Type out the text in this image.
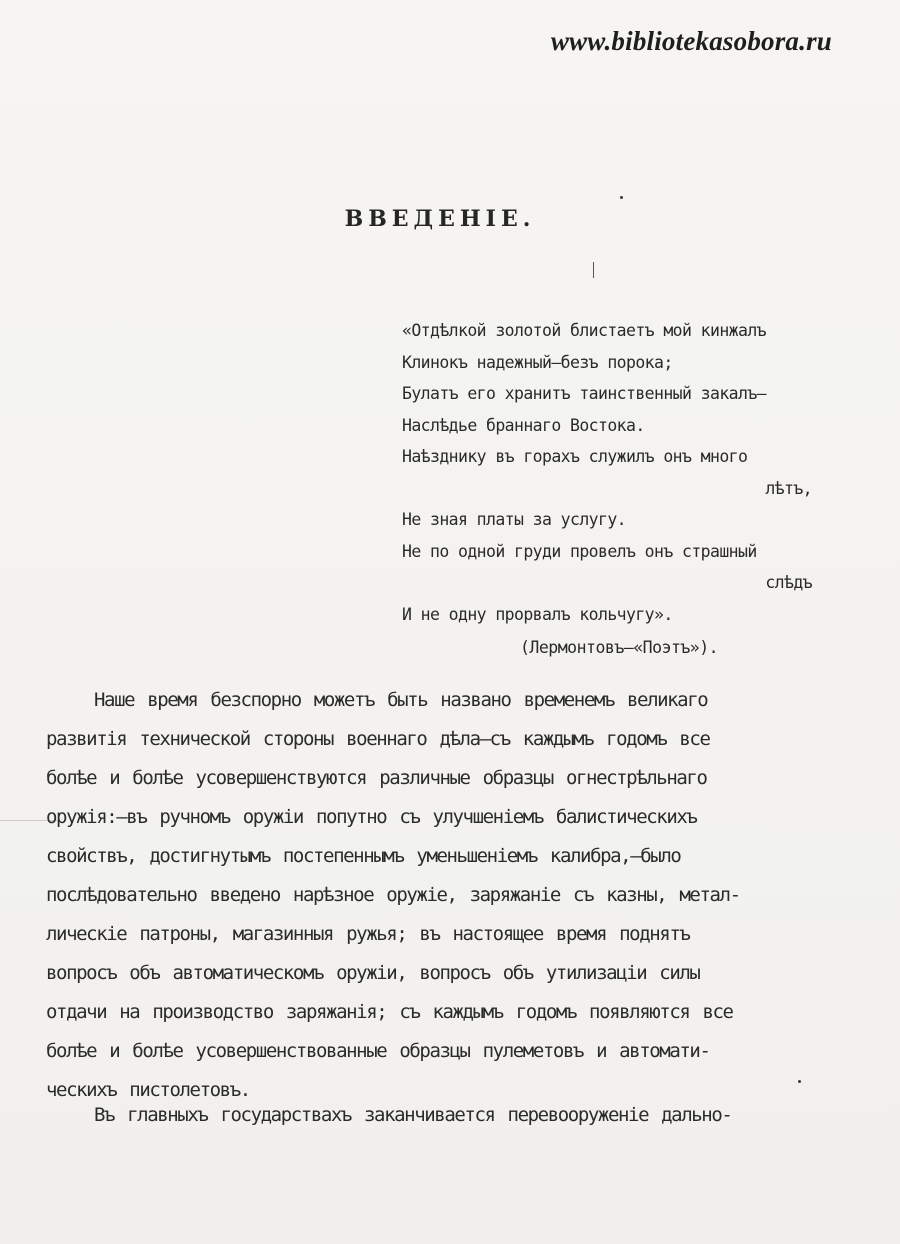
www.bibliotekasobora.ru
ВВЕДЕНІЕ.
«Отдѣлкой золотой блистаетъ мой кинжалъ
Клинокъ надежный—безъ порока;
Булатъ его хранитъ таинственный закалъ—
Наслѣдье браннаго Востока.
Наѣзднику въ горахъ служилъ онъ много
лѣтъ,
Не зная платы за услугу.
Не по одной груди провелъ онъ страшный
слѣдъ
И не одну прорвалъ кольчугу».
(Лермонтовъ—«Поэтъ»).
Наше время безспорно можетъ быть названо временемъ великаго
развитія технической стороны военнаго дѣла—съ каждымъ годомъ все
болѣе и болѣе усовершенствуются различные образцы огнестрѣльнаго
оружія:—въ ручномъ оружіи попутно съ улучшеніемъ балистическихъ
свойствъ, достигнутымъ постепеннымъ уменьшеніемъ калибра,—было
послѣдовательно введено нарѣзное оружіе, заряжаніе съ казны, метал-
лическіе патроны, магазинныя ружья; въ настоящее время поднятъ
вопросъ объ автоматическомъ оружіи, вопросъ объ утилизаціи силы
отдачи на производство заряжанія; съ каждымъ годомъ появляются все
болѣе и болѣе усовершенствованные образцы пулеметовъ и автомати-
ческихъ пистолетовъ.
Въ главныхъ государствахъ заканчивается перевооруженіе дально-
